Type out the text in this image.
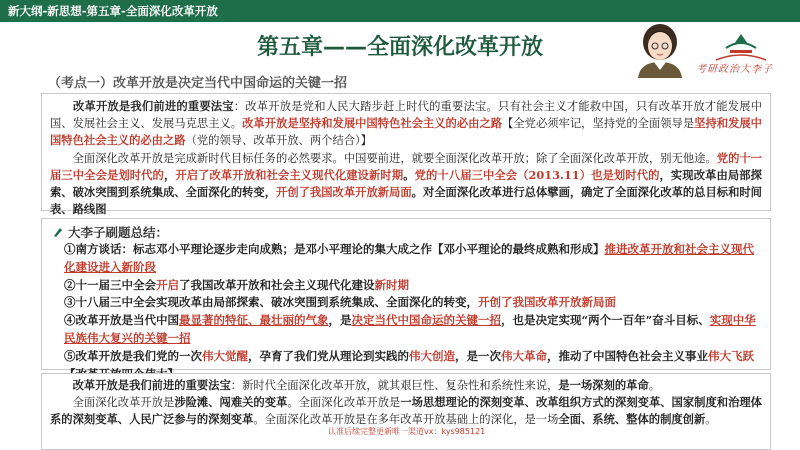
新大纲-新思想-第五章-全面深化改革开放
第五章——全面深化改革开放
考研政治大李子
（考点一）改革开放是决定当代中国命运的关键一招
　　改革开放是我们前进的重要法宝：改革开放是党和人民大踏步赶上时代的重要法宝。只有社会主义才能救中国，只有改革开放才能发展中国、发展社会主义、发展马克思主义。改革开放是坚持和发展中国特色社会主义的必由之路【全党必须牢记，坚持党的全面领导是坚持和发展中国特色社会主义的必由之路（党的领导、改革开放、两个结合）】
　　全面深化改革开放是完成新时代目标任务的必然要求。中国要前进，就要全面深化改革开放；除了全面深化改革开放，别无他途。党的十一届三中全会是划时代的，开启了改革开放和社会主义现代化建设新时期。党的十八届三中全会（2013.11）也是划时代的，实现改革由局部探索、破冰突围到系统集成、全面深化的转变，开创了我国改革开放新局面。对全面深化改革进行总体擘画，确定了全面深化改革的总目标和时间表、路线图
大李子刷题总结：
①南方谈话：标志邓小平理论逐步走向成熟；是邓小平理论的集大成之作【邓小平理论的最终成熟和形成】推进改革开放和社会主义现代化建设进入新阶段
②十一届三中全会开启了我国改革开放和社会主义现代化建设新时期
③十八届三中全会实现改革由局部探索、破冰突围到系统集成、全面深化的转变，开创了我国改革开放新局面
④改革开放是当代中国最显著的特征、最壮丽的气象，是决定当代中国命运的关键一招，也是决定实现“两个一百年”奋斗目标、实现中华民族伟大复兴的关键一招
⑤改革开放是我们党的一次伟大觉醒，孕育了我们党从理论到实践的伟大创造，是一次伟大革命，推动了中国特色社会主义事业伟大飞跃
　　改革开放是我们前进的重要法宝：新时代全面深化改革开放，就其艰巨性、复杂性和系统性来说，是一场深刻的革命。
　　全面深化改革开放是涉险滩、闯难关的变革。全面深化改革开放是一场思想理论的深刻变革、改革组织方式的深刻变革、国家制度和治理体系的深刻变革、人民广泛参与的深刻变革。全面深化改革开放是在多年改革开放基础上的深化，是一场全面、系统、整体的制度创新。
认准后续完整更新唯一渠道vx：kys985121
